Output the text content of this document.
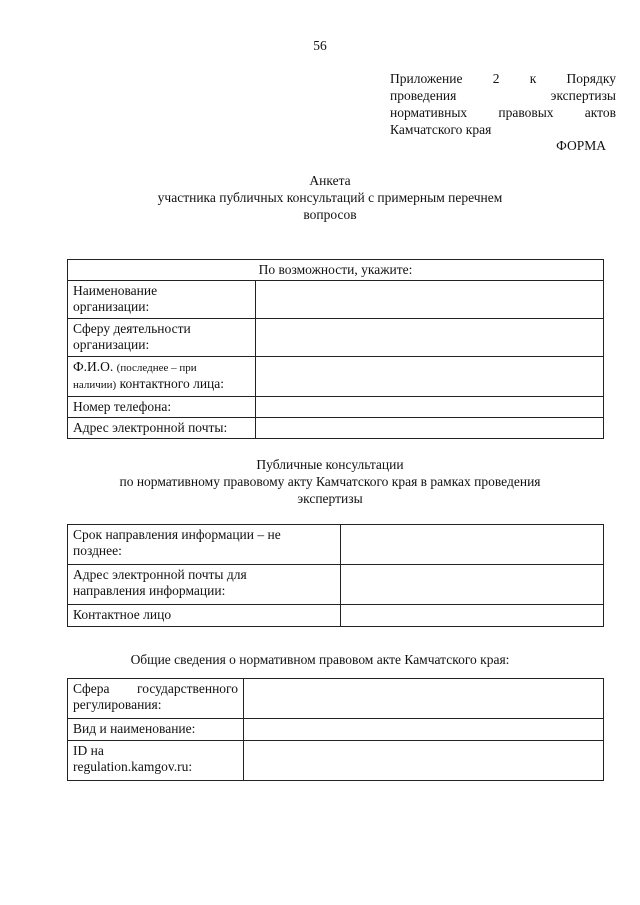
56
Приложение 2 к Порядку
проведения экспертизы
нормативных правовых актов
Камчатского края
ФОРМА
Анкета
участника публичных консультаций с примерным перечнем
вопросов
По возможности, укажите:	

Наименование
организации:	

Сферу деятельности
организации:	

Ф.И.О. (последнее – при
наличии) контактного лица:	

Номер телефона:	

Адрес электронной почты:	

Публичные консультации
по нормативному правовому акту Камчатского края в рамках проведения
экспертизы
Срок направления информации – не
позднее:	

Адрес электронной почты для
направления информации:	

Контактное лицо	

Общие сведения о нормативном правовом акте Камчатского края:
Сфера государственного
регулирования:	

Вид и наименование:	

ID на
regulation.kamgov.ru:	
